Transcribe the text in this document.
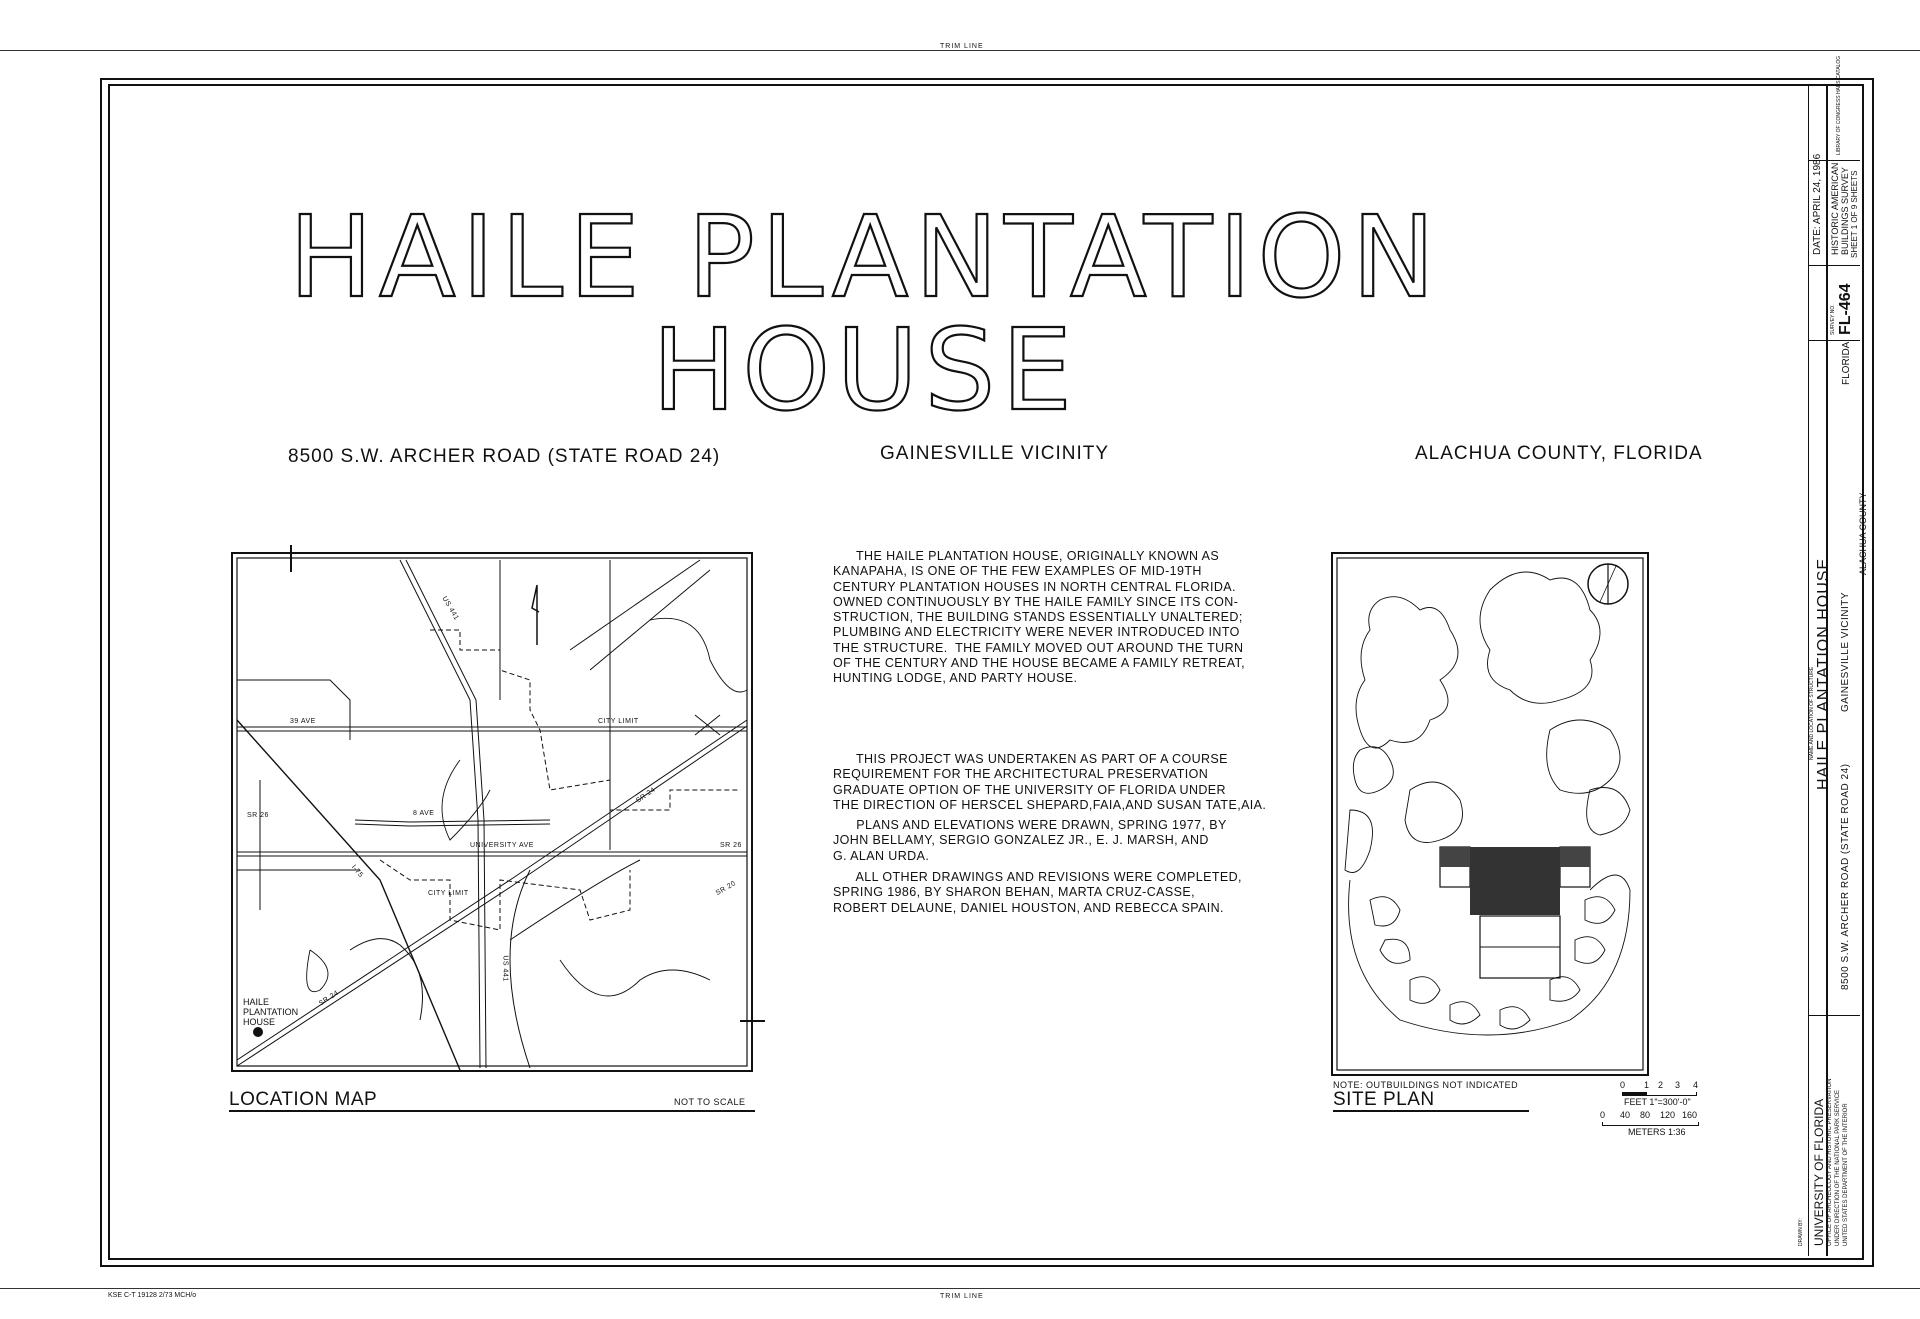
TRIM LINE
TRIM LINE
KSE C-T 19128 2/73 MCH/o
HAILE PLANTATION
HOUSE
8500 S.W. ARCHER ROAD (STATE ROAD 24)	GAINESVILLE VICINITY	ALACHUA COUNTY, FLORIDA
THE HAILE PLANTATION HOUSE, ORIGINALLY KNOWN AS
KANAPAHA, IS ONE OF THE FEW EXAMPLES OF MID-19TH
CENTURY PLANTATION HOUSES IN NORTH CENTRAL FLORIDA.
OWNED CONTINUOUSLY BY THE HAILE FAMILY SINCE ITS CON-
STRUCTION, THE BUILDING STANDS ESSENTIALLY UNALTERED;
PLUMBING AND ELECTRICITY WERE NEVER INTRODUCED INTO
THE STRUCTURE.  THE FAMILY MOVED OUT AROUND THE TURN
OF THE CENTURY AND THE HOUSE BECAME A FAMILY RETREAT,
HUNTING LODGE, AND PARTY HOUSE.
THIS PROJECT WAS UNDERTAKEN AS PART OF A COURSE
REQUIREMENT FOR THE ARCHITECTURAL PRESERVATION
GRADUATE OPTION OF THE UNIVERSITY OF FLORIDA UNDER
THE DIRECTION OF HERSCEL SHEPARD,FAIA,AND SUSAN TATE,AIA.
PLANS AND ELEVATIONS WERE DRAWN, SPRING 1977, BY
JOHN BELLAMY, SERGIO GONZALEZ JR., E. J. MARSH, AND
G. ALAN URDA.
ALL OTHER DRAWINGS AND REVISIONS WERE COMPLETED,
SPRING 1986, BY SHARON BEHAN, MARTA CRUZ-CASSE,
ROBERT DELAUNE, DANIEL HOUSTON, AND REBECCA SPAIN.
US 441
39 AVE	CITY LIMIT
SR 24
SR 26	8 AVE
UNIVERSITY AVE	SR 26
I-75
CITY LIMIT	SR 20
SR 24
US 441
HAILE
PLANTATION
HOUSE
LOCATION MAP	NOT TO SCALE
NOTE: OUTBUILDINGS NOT INDICATED
SITE PLAN
0 1 2 3 4
FEET 1"=300'-0"
0 40 80 120 160
METERS 1:36
LIBRARY OF CONGRESS HABS CATALOG
HISTORIC AMERICAN BUILDINGS SURVEY SHEET 1 OF 9 SHEETS
DATE: APRIL 24, 1986
SURVEY NO. FL-464
FLORIDA
NAME AND LOCATION OF STRUCTURE HAILE PLANTATION HOUSE
8500 S.W. ARCHER ROAD (STATE ROAD 24)
GAINESVILLE VICINITY
ALACHUA COUNTY
DRAWN BY: UNIVERSITY OF FLORIDA OFFICE OF ARCHEOLOGY AND HISTORIC PRESERVATION UNDER DIRECTION OF THE NATIONAL PARK SERVICE UNITED STATES DEPARTMENT OF THE INTERIOR
